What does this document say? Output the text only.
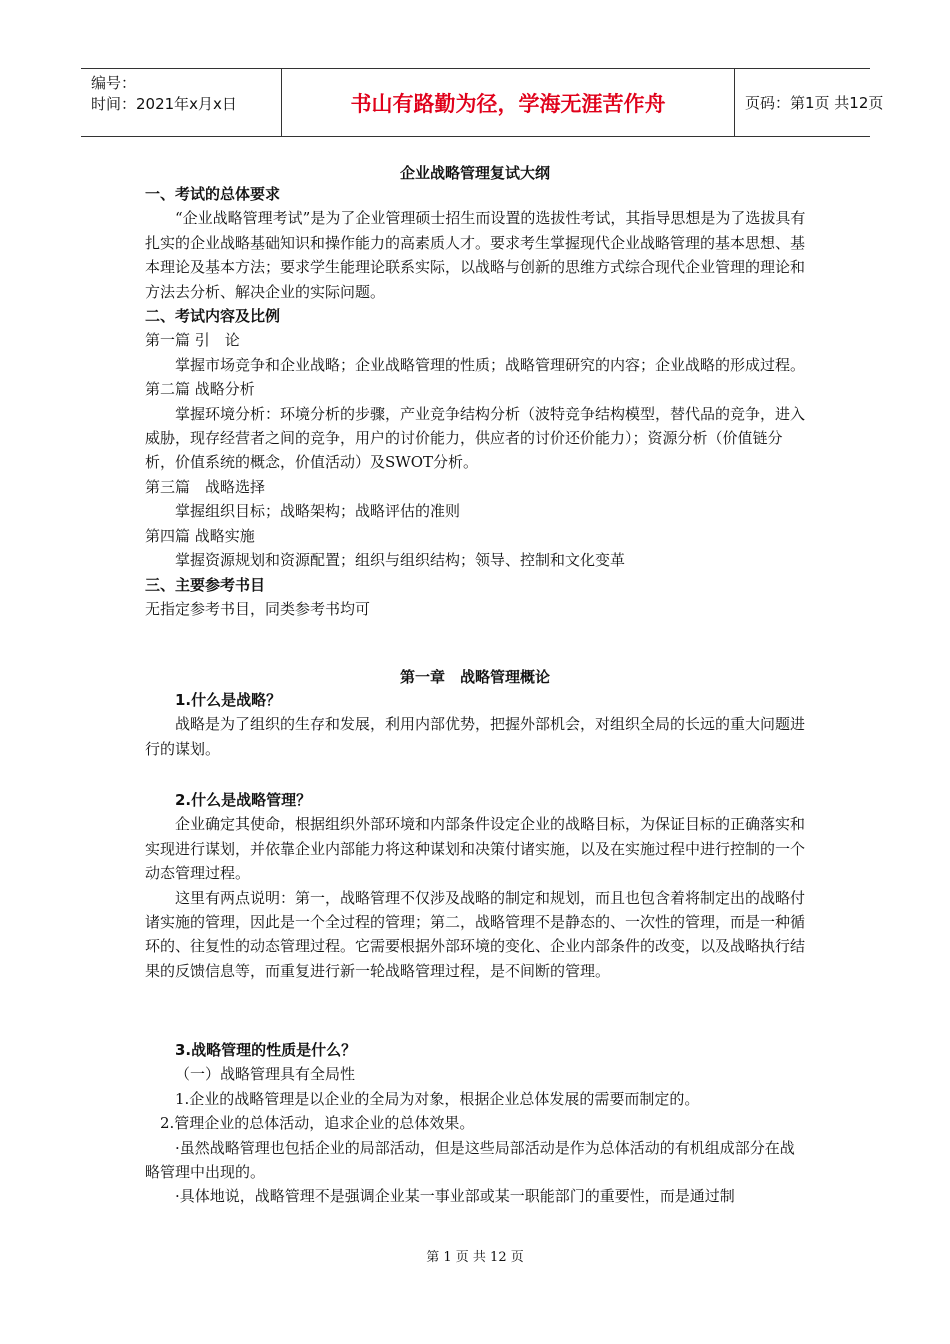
编号：
时间：2021年x月x日	书山有路勤为径，学海无涯苦作舟	页码：第1页 共12页
企业战略管理复试大纲
一、考试的总体要求
“企业战略管理考试”是为了企业管理硕士招生而设置的选拔性考试，其指导思想是为了选拔具有扎实的企业战略基础知识和操作能力的高素质人才。要求考生掌握现代企业战略管理的基本思想、基本理论及基本方法；要求学生能理论联系实际，以战略与创新的思维方式综合现代企业管理的理论和方法去分析、解决企业的实际问题。
二、考试内容及比例
第一篇 引　论
掌握市场竞争和企业战略；企业战略管理的性质；战略管理研究的内容；企业战略的形成过程。
第二篇 战略分析
掌握环境分析：环境分析的步骤，产业竞争结构分析（波特竞争结构模型，替代品的竞争，进入威胁，现存经营者之间的竞争，用户的讨价能力，供应者的讨价还价能力）；资源分析（价值链分析，价值系统的概念，价值活动）及SWOT分析。
第三篇　战略选择
掌握组织目标；战略架构；战略评估的准则
第四篇 战略实施
掌握资源规划和资源配置；组织与组织结构；领导、控制和文化变革
三、主要参考书目
无指定参考书目，同类参考书均可
第一章　战略管理概论
1.什么是战略？
战略是为了组织的生存和发展，利用内部优势，把握外部机会，对组织全局的长远的重大问题进行的谋划。
2.什么是战略管理？
企业确定其使命，根据组织外部环境和内部条件设定企业的战略目标，为保证目标的正确落实和实现进行谋划，并依靠企业内部能力将这种谋划和决策付诸实施，以及在实施过程中进行控制的一个动态管理过程。
这里有两点说明：第一，战略管理不仅涉及战略的制定和规划，而且也包含着将制定出的战略付诸实施的管理，因此是一个全过程的管理；第二，战略管理不是静态的、一次性的管理，而是一种循环的、往复性的动态管理过程。它需要根据外部环境的变化、企业内部条件的改变，以及战略执行结果的反馈信息等，而重复进行新一轮战略管理过程，是不间断的管理。
3.战略管理的性质是什么？
（一）战略管理具有全局性
1.企业的战略管理是以企业的全局为对象，根据企业总体发展的需要而制定的。
2.管理企业的总体活动，追求企业的总体效果。
·虽然战略管理也包括企业的局部活动，但是这些局部活动是作为总体活动的有机组成部分在战略管理中出现的。
·具体地说，战略管理不是强调企业某一事业部或某一职能部门的重要性，而是通过制
第 1 页 共 12 页
